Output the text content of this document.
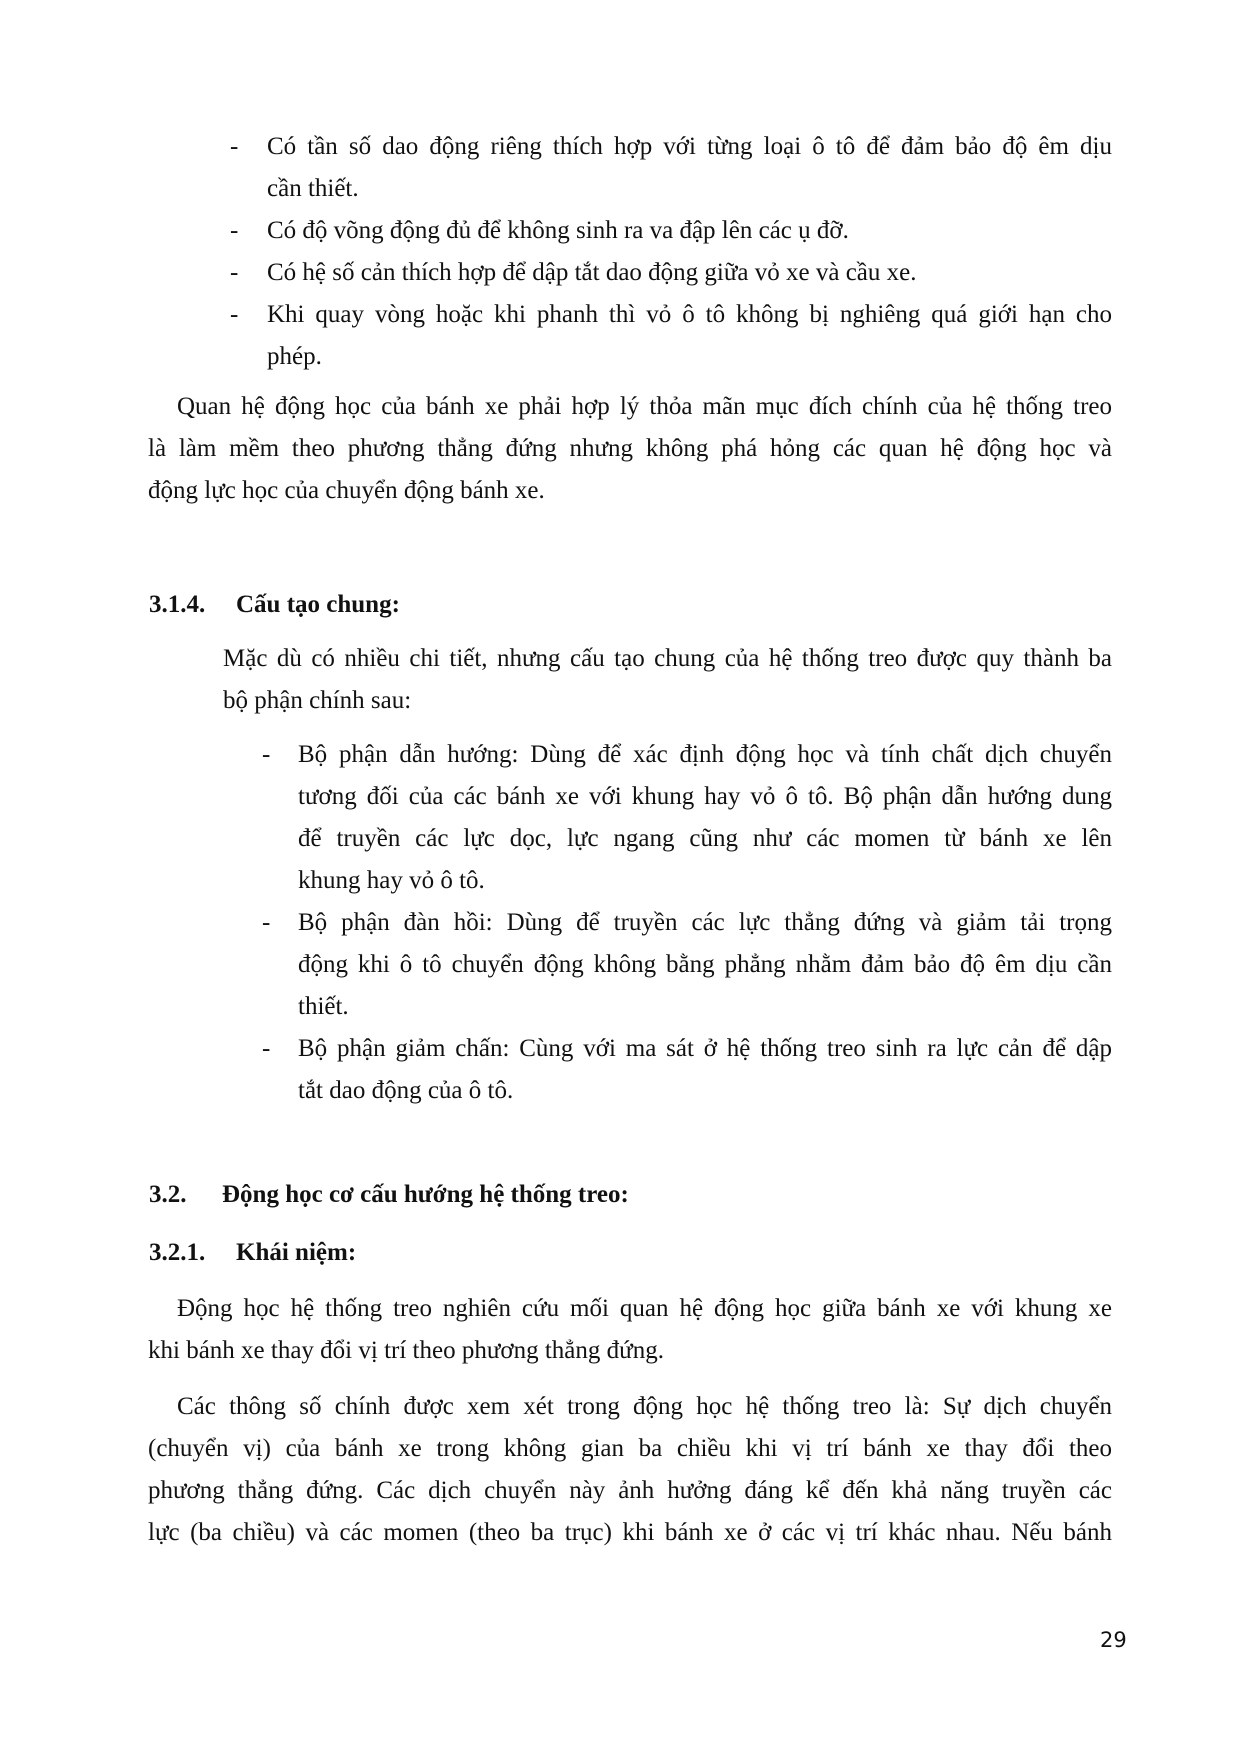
- Có tần số dao động riêng thích hợp với từng loại ô tô để đảm bảo độ êm dịu
cần thiết.
- Có độ võng động đủ để không sinh ra va đập lên các ụ đỡ.
- Có hệ số cản thích hợp để dập tắt dao động giữa vỏ xe và cầu xe.
- Khi quay vòng hoặc khi phanh thì vỏ ô tô không bị nghiêng quá giới hạn cho
phép.
Quan hệ động học của bánh xe phải hợp lý thỏa mãn mục đích chính của hệ thống treo
là làm mềm theo phương thẳng đứng nhưng không phá hỏng các quan hệ động học và
động lực học của chuyển động bánh xe.
3.1.4. Cấu tạo chung:
Mặc dù có nhiều chi tiết, nhưng cấu tạo chung của hệ thống treo được quy thành ba
bộ phận chính sau:
- Bộ phận dẫn hướng: Dùng để xác định động học và tính chất dịch chuyển
tương đối của các bánh xe với khung hay vỏ ô tô. Bộ phận dẫn hướng dung
để truyền các lực dọc, lực ngang cũng như các momen từ bánh xe lên
khung hay vỏ ô tô.
- Bộ phận đàn hồi: Dùng để truyền các lực thẳng đứng và giảm tải trọng
động khi ô tô chuyển động không bằng phẳng nhằm đảm bảo độ êm dịu cần
thiết.
- Bộ phận giảm chấn: Cùng với ma sát ở hệ thống treo sinh ra lực cản để dập
tắt dao động của ô tô.
3.2. Động học cơ cấu hướng hệ thống treo:
3.2.1. Khái niệm:
Động học hệ thống treo nghiên cứu mối quan hệ động học giữa bánh xe với khung xe
khi bánh xe thay đổi vị trí theo phương thẳng đứng.
Các thông số chính được xem xét trong động học hệ thống treo là: Sự dịch chuyển
(chuyển vị) của bánh xe trong không gian ba chiều khi vị trí bánh xe thay đổi theo
phương thẳng đứng. Các dịch chuyển này ảnh hưởng đáng kể đến khả năng truyền các
lực (ba chiều) và các momen (theo ba trục) khi bánh xe ở các vị trí khác nhau. Nếu bánh
29
